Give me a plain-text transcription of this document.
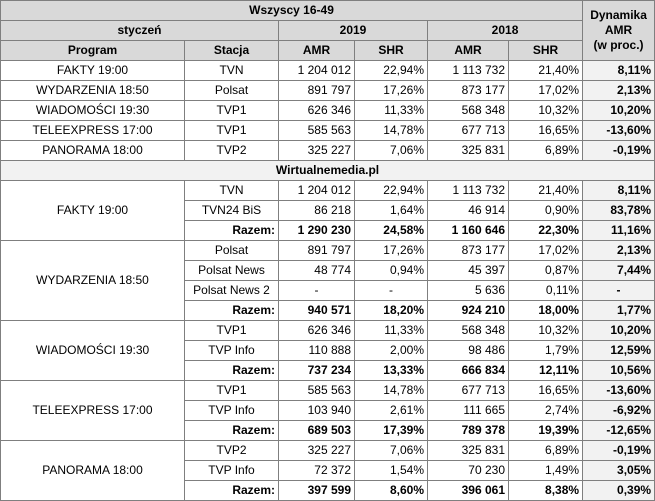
Wszyscy 16-49						Dynamika
AMR
(w proc.)
styczeń		2019		2018		
Program	Stacja	AMR	SHR	AMR	SHR	
FAKTY 19:00	TVN	1 204 012	22,94%	1 113 732	21,40%	8,11%
WYDARZENIA 18:50	Polsat	891 797	17,26%	873 177	17,02%	2,13%
WIADOMOŚCI 19:30	TVP1	626 346	11,33%	568 348	10,32%	10,20%
TELEEXPRESS 17:00	TVP1	585 563	14,78%	677 713	16,65%	-13,60%
PANORAMA 18:00	TVP2	325 227	7,06%	325 831	6,89%	-0,19%
Wirtualnemedia.pl						
FAKTY 19:00	TVN	1 204 012	22,94%	1 113 732	21,40%	8,11%
	TVN24 BiS	86 218	1,64%	46 914	0,90%	83,78%
	Razem:	1 290 230	24,58%	1 160 646	22,30%	11,16%
WYDARZENIA 18:50	Polsat	891 797	17,26%	873 177	17,02%	2,13%
	Polsat News	48 774	0,94%	45 397	0,87%	7,44%
	Polsat News 2	-	-	5 636	0,11%	-
	Razem:	940 571	18,20%	924 210	18,00%	1,77%
WIADOMOŚCI 19:30	TVP1	626 346	11,33%	568 348	10,32%	10,20%
	TVP Info	110 888	2,00%	98 486	1,79%	12,59%
	Razem:	737 234	13,33%	666 834	12,11%	10,56%
TELEEXPRESS 17:00	TVP1	585 563	14,78%	677 713	16,65%	-13,60%
	TVP Info	103 940	2,61%	111 665	2,74%	-6,92%
	Razem:	689 503	17,39%	789 378	19,39%	-12,65%
PANORAMA 18:00	TVP2	325 227	7,06%	325 831	6,89%	-0,19%
	TVP Info	72 372	1,54%	70 230	1,49%	3,05%
	Razem:	397 599	8,60%	396 061	8,38%	0,39%
